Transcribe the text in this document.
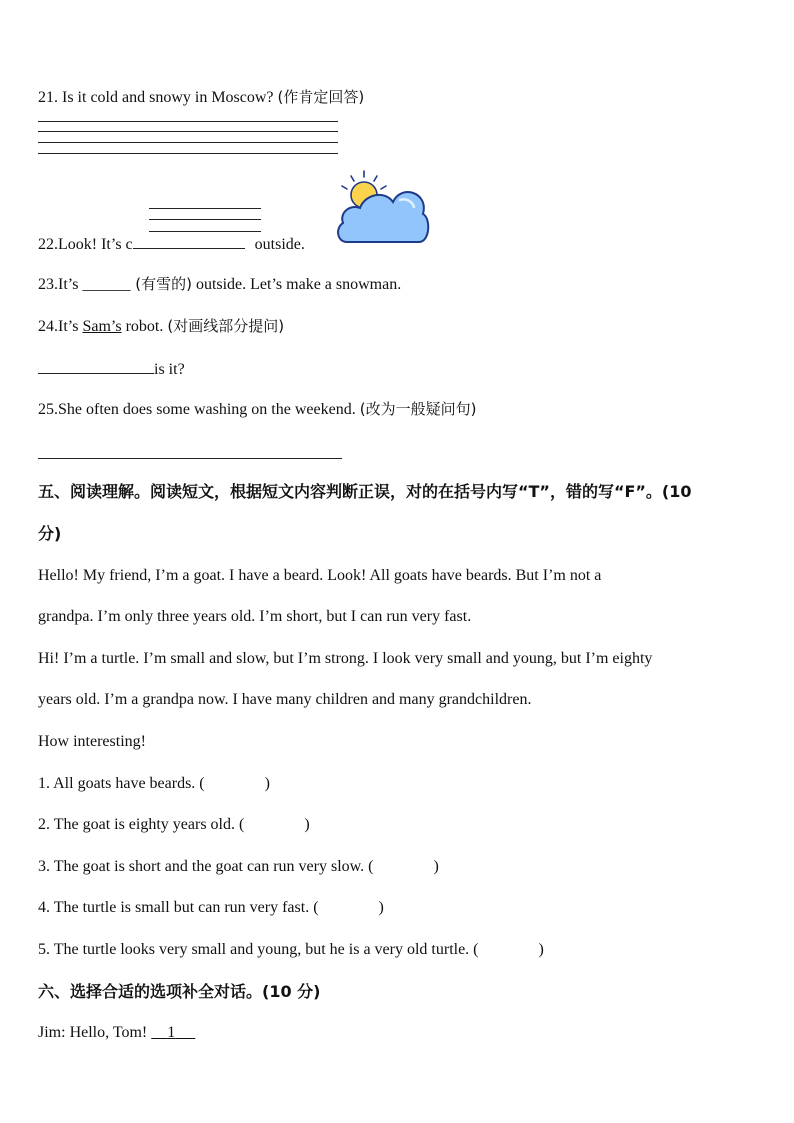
21. Is it cold and snowy in Moscow? (作肯定回答)
22.Look! It’s c	outside.
23.It’s ______ (有雪的) outside. Let’s make a snowman.
24.It’s Sam’s robot. (对画线部分提问)
is it?
25.She often does some washing on the weekend. (改为一般疑问句)
五、阅读理解。阅读短文，根据短文内容判断正误，对的在括号内写“T”，错的写“F”。(10
分)
Hello! My friend, I’m a goat. I have a beard. Look! All goats have beards. But I’m not a
grandpa. I’m only three years old. I’m short, but I can run very fast.
Hi! I’m a turtle. I’m small and slow, but I’m strong. I look very small and young, but I’m eighty
years old. I’m a grandpa now. I have many children and many grandchildren.
How interesting!
1. All goats have beards. (	)
2. The goat is eighty years old. (	)
3. The goat is short and the goat can run very slow. (	)
4. The turtle is small but can run very fast. (	)
5. The turtle looks very small and young, but he is a very old turtle. (	)
六、选择合适的选项补全对话。(10 分)
Jim: Hello, Tom!     1
